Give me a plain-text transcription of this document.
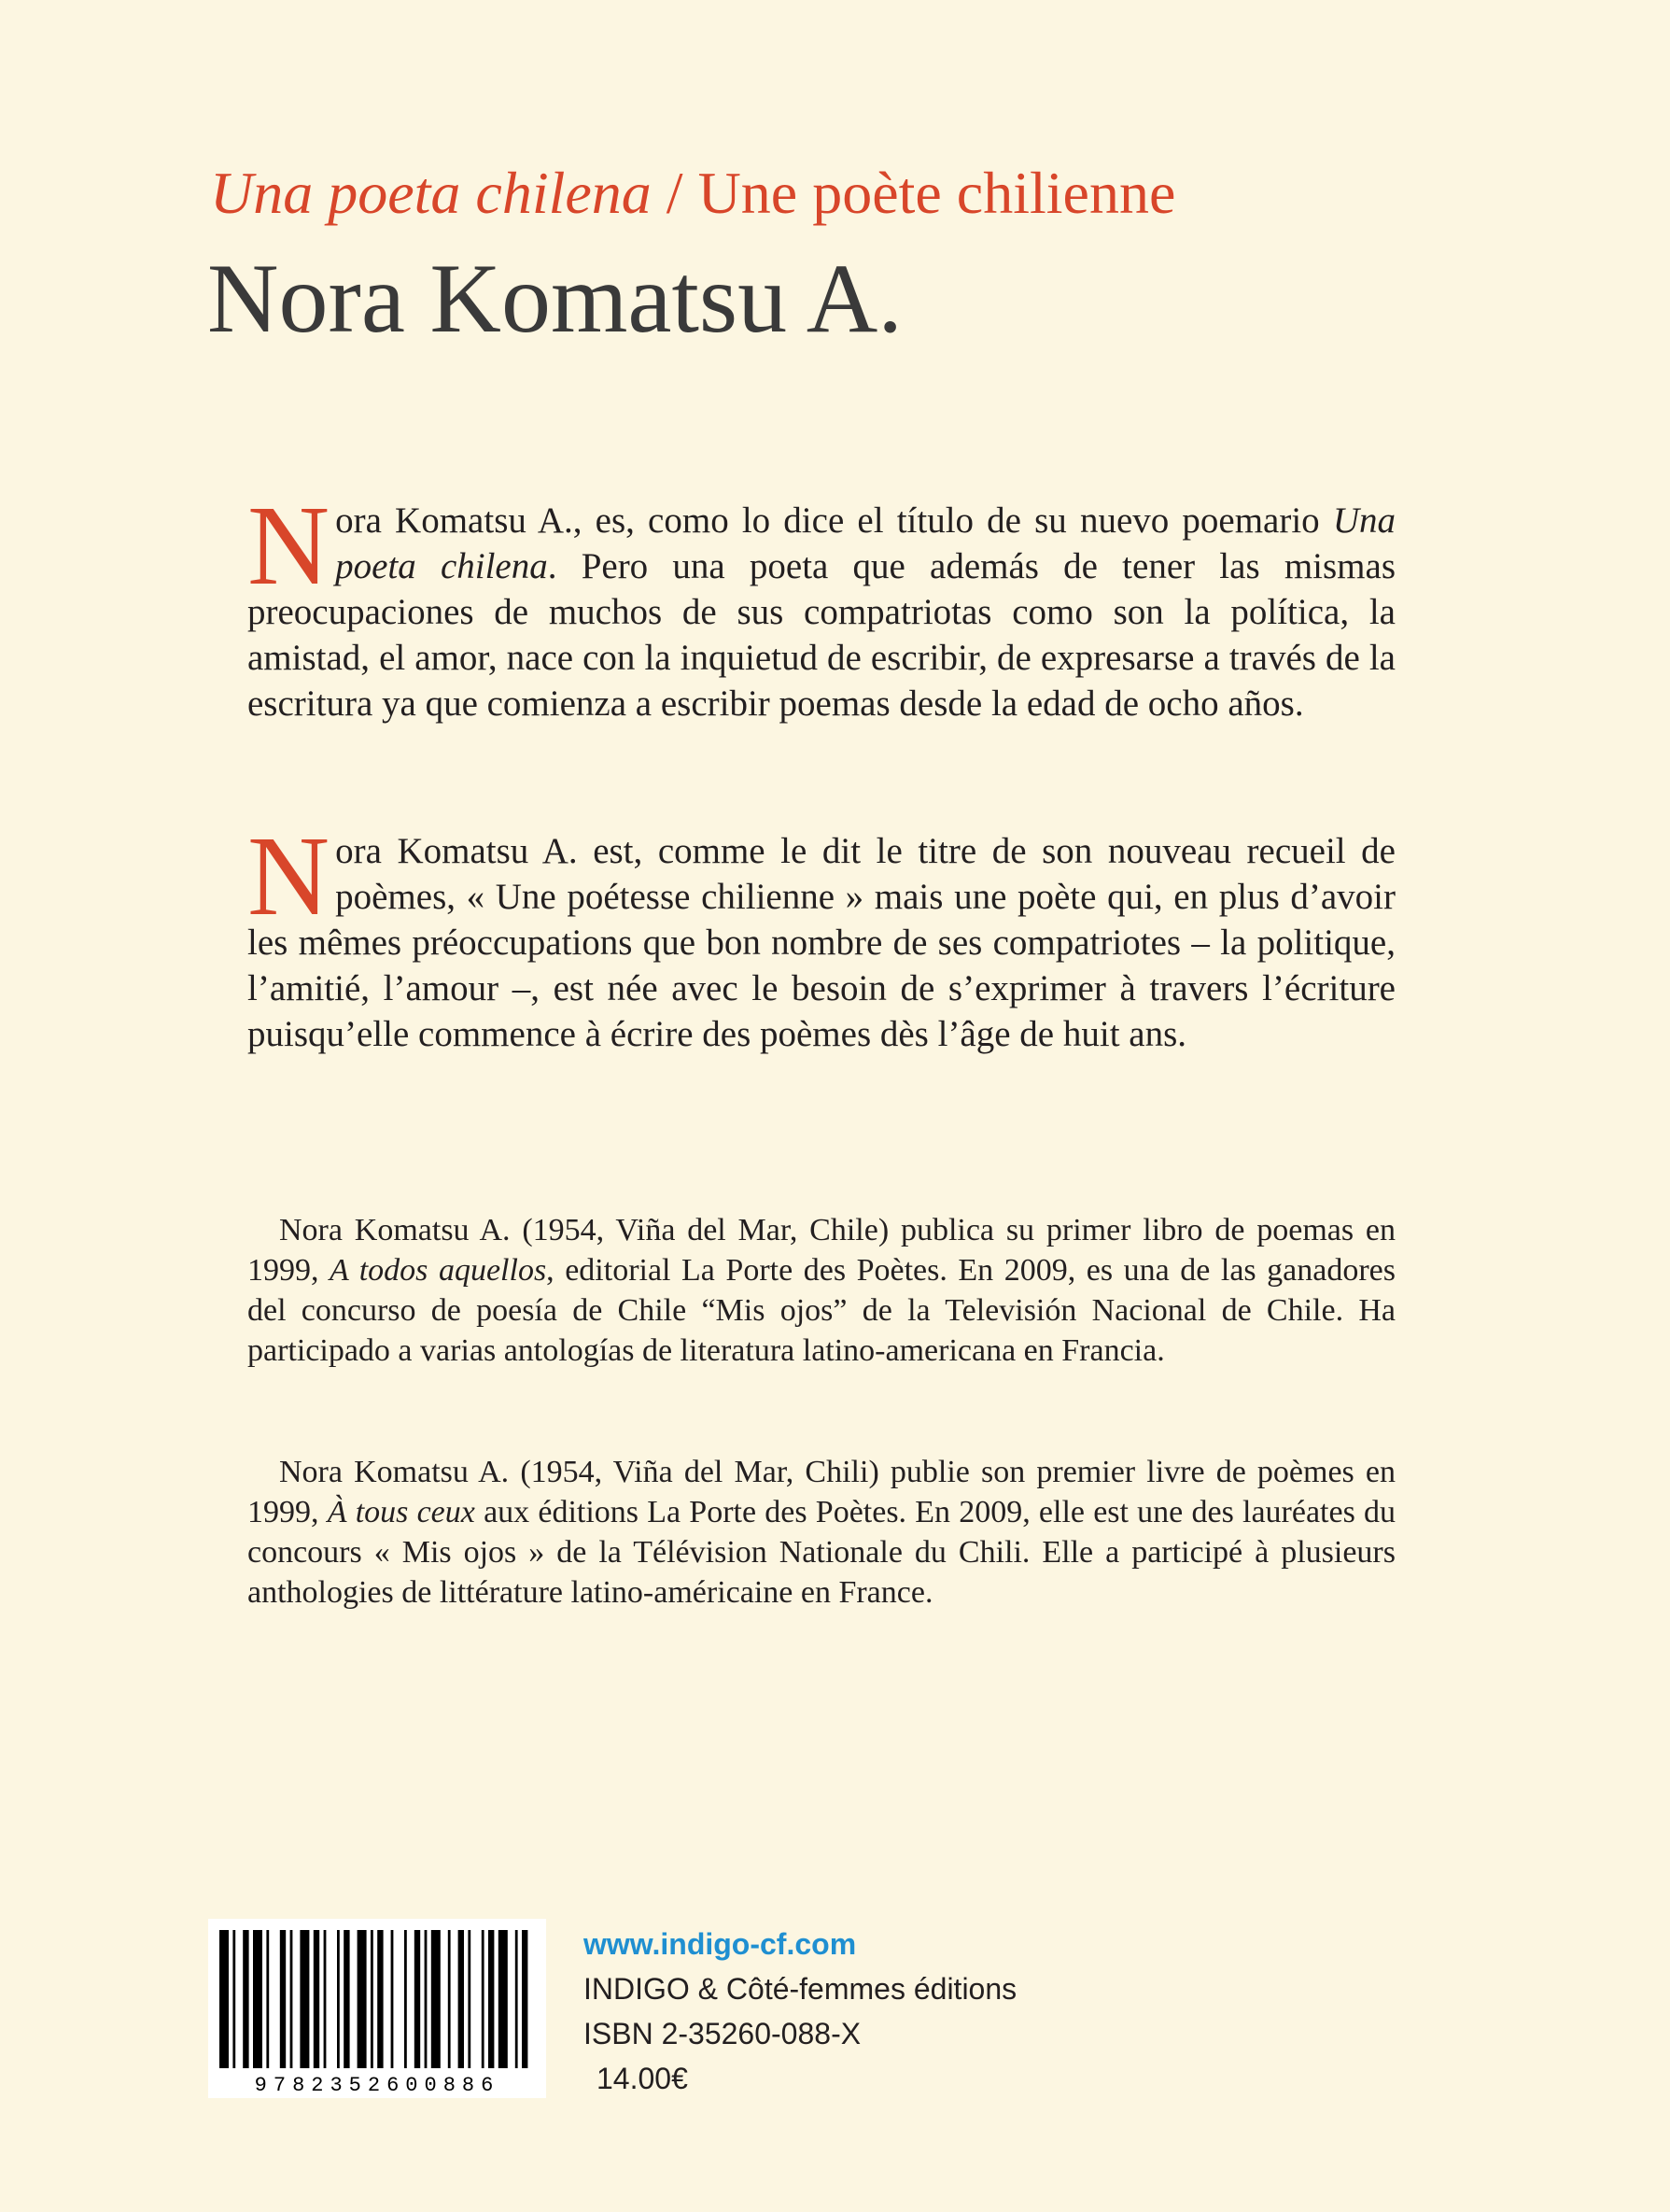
Una poeta chilena / Une poète chilienne
Nora Komatsu A.

Nora Komatsu A., es, como lo dice el título de su nuevo poemario Una poeta chilena. Pero una poeta que además de tener las mismas preocupaciones de muchos de sus compatriotas como son la política, la amistad, el amor, nace con la inquietud de escribir, de expresarse a través de la escritura ya que comienza a escribir poemas desde la edad de ocho años.

Nora Komatsu A. est, comme le dit le titre de son nouveau recueil de poèmes, « Une poétesse chilienne » mais une poète qui, en plus d’avoir les mêmes préoccupations que bon nombre de ses compatriotes – la politique, l’amitié, l’amour –, est née avec le besoin de s’exprimer à travers l’écriture puisqu’elle commence à écrire des poèmes dès l’âge de huit ans.

 Nora Komatsu A. (1954, Viña del Mar, Chile) publica su primer libro de poemas en 1999, A todos aquellos, editorial La Porte des Poètes. En 2009, es una de las ganadores del concurso de poesía de Chile “Mis ojos” de la Televisión Nacional de Chile. Ha participado a varias antologías de literatura latino-americana en Francia.

 Nora Komatsu A. (1954, Viña del Mar, Chili) publie son premier livre de poèmes en 1999, À tous ceux aux éditions La Porte des Poètes. En 2009, elle est une des lauréates du concours « Mis ojos » de la Télévision Nationale du Chili. Elle a participé à plusieurs anthologies de littérature latino-américaine en France.

9782352600886
www.indigo-cf.com
INDIGO & Côté-femmes éditions
ISBN 2-35260-088-X
14.00€
